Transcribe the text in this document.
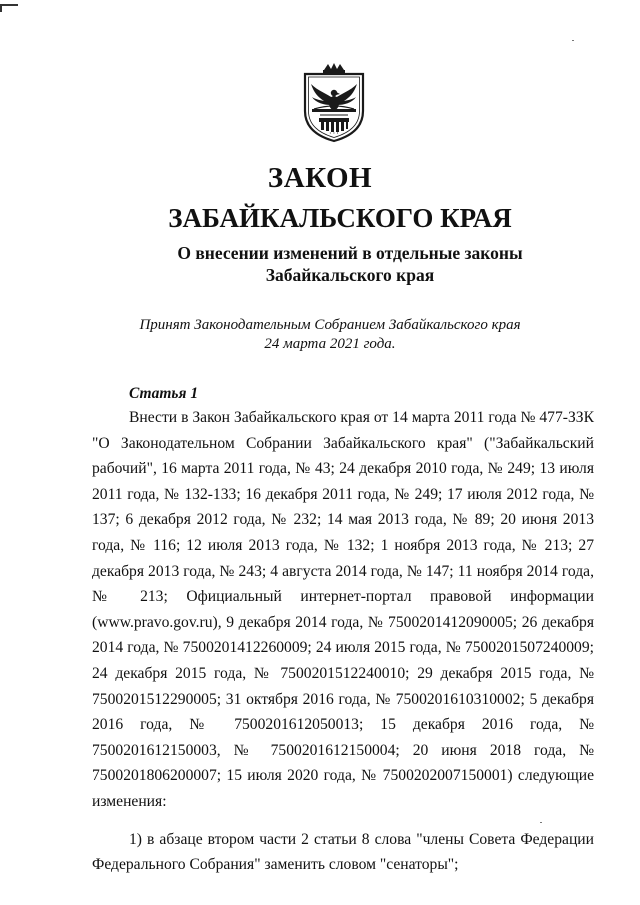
· · ·
ЗАКОН
ЗАБАЙКАЛЬСКОГО КРАЯ
О внесении изменений в отдельные законы
Забайкальского края
Принят Законодательным Собранием Забайкальского края
24 марта 2021 года.
Статья 1

Внести в Закон Забайкальского края от 14 марта 2011 года № 477-ЗЗК "О Законодательном Собрании Забайкальского края" ("Забайкальский рабочий", 16 марта 2011 года, № 43; 24 декабря 2010 года, № 249; 13 июля 2011 года, № 132-133; 16 декабря 2011 года, № 249; 17 июля 2012 года, № 137; 6 декабря 2012 года, № 232; 14 мая 2013 года, № 89; 20 июня 2013 года, № 116; 12 июля 2013 года, № 132; 1 ноября 2013 года, № 213; 27 декабря 2013 года, № 243; 4 августа 2014 года, № 147; 11 ноября 2014 года, № 213; Официальный интернет-портал правовой информации (www.pravo.gov.ru), 9 декабря 2014 года, № 7500201412090005; 26 декабря 2014 года, № 7500201412260009; 24 июля 2015 года, № 7500201507240009; 24 декабря 2015 года, № 7500201512240010; 29 декабря 2015 года, № 7500201512290005; 31 октября 2016 года, № 7500201610310002; 5 декабря 2016 года, № 7500201612050013; 15 декабря 2016 года, № 7500201612150003, № 7500201612150004; 20 июня 2018 года, № 7500201806200007; 15 июля 2020 года, № 7500202007150001) следующие изменения:

1) в абзаце втором части 2 статьи 8 слова "члены Совета Федерации Федерального Собрания" заменить словом "сенаторы";
